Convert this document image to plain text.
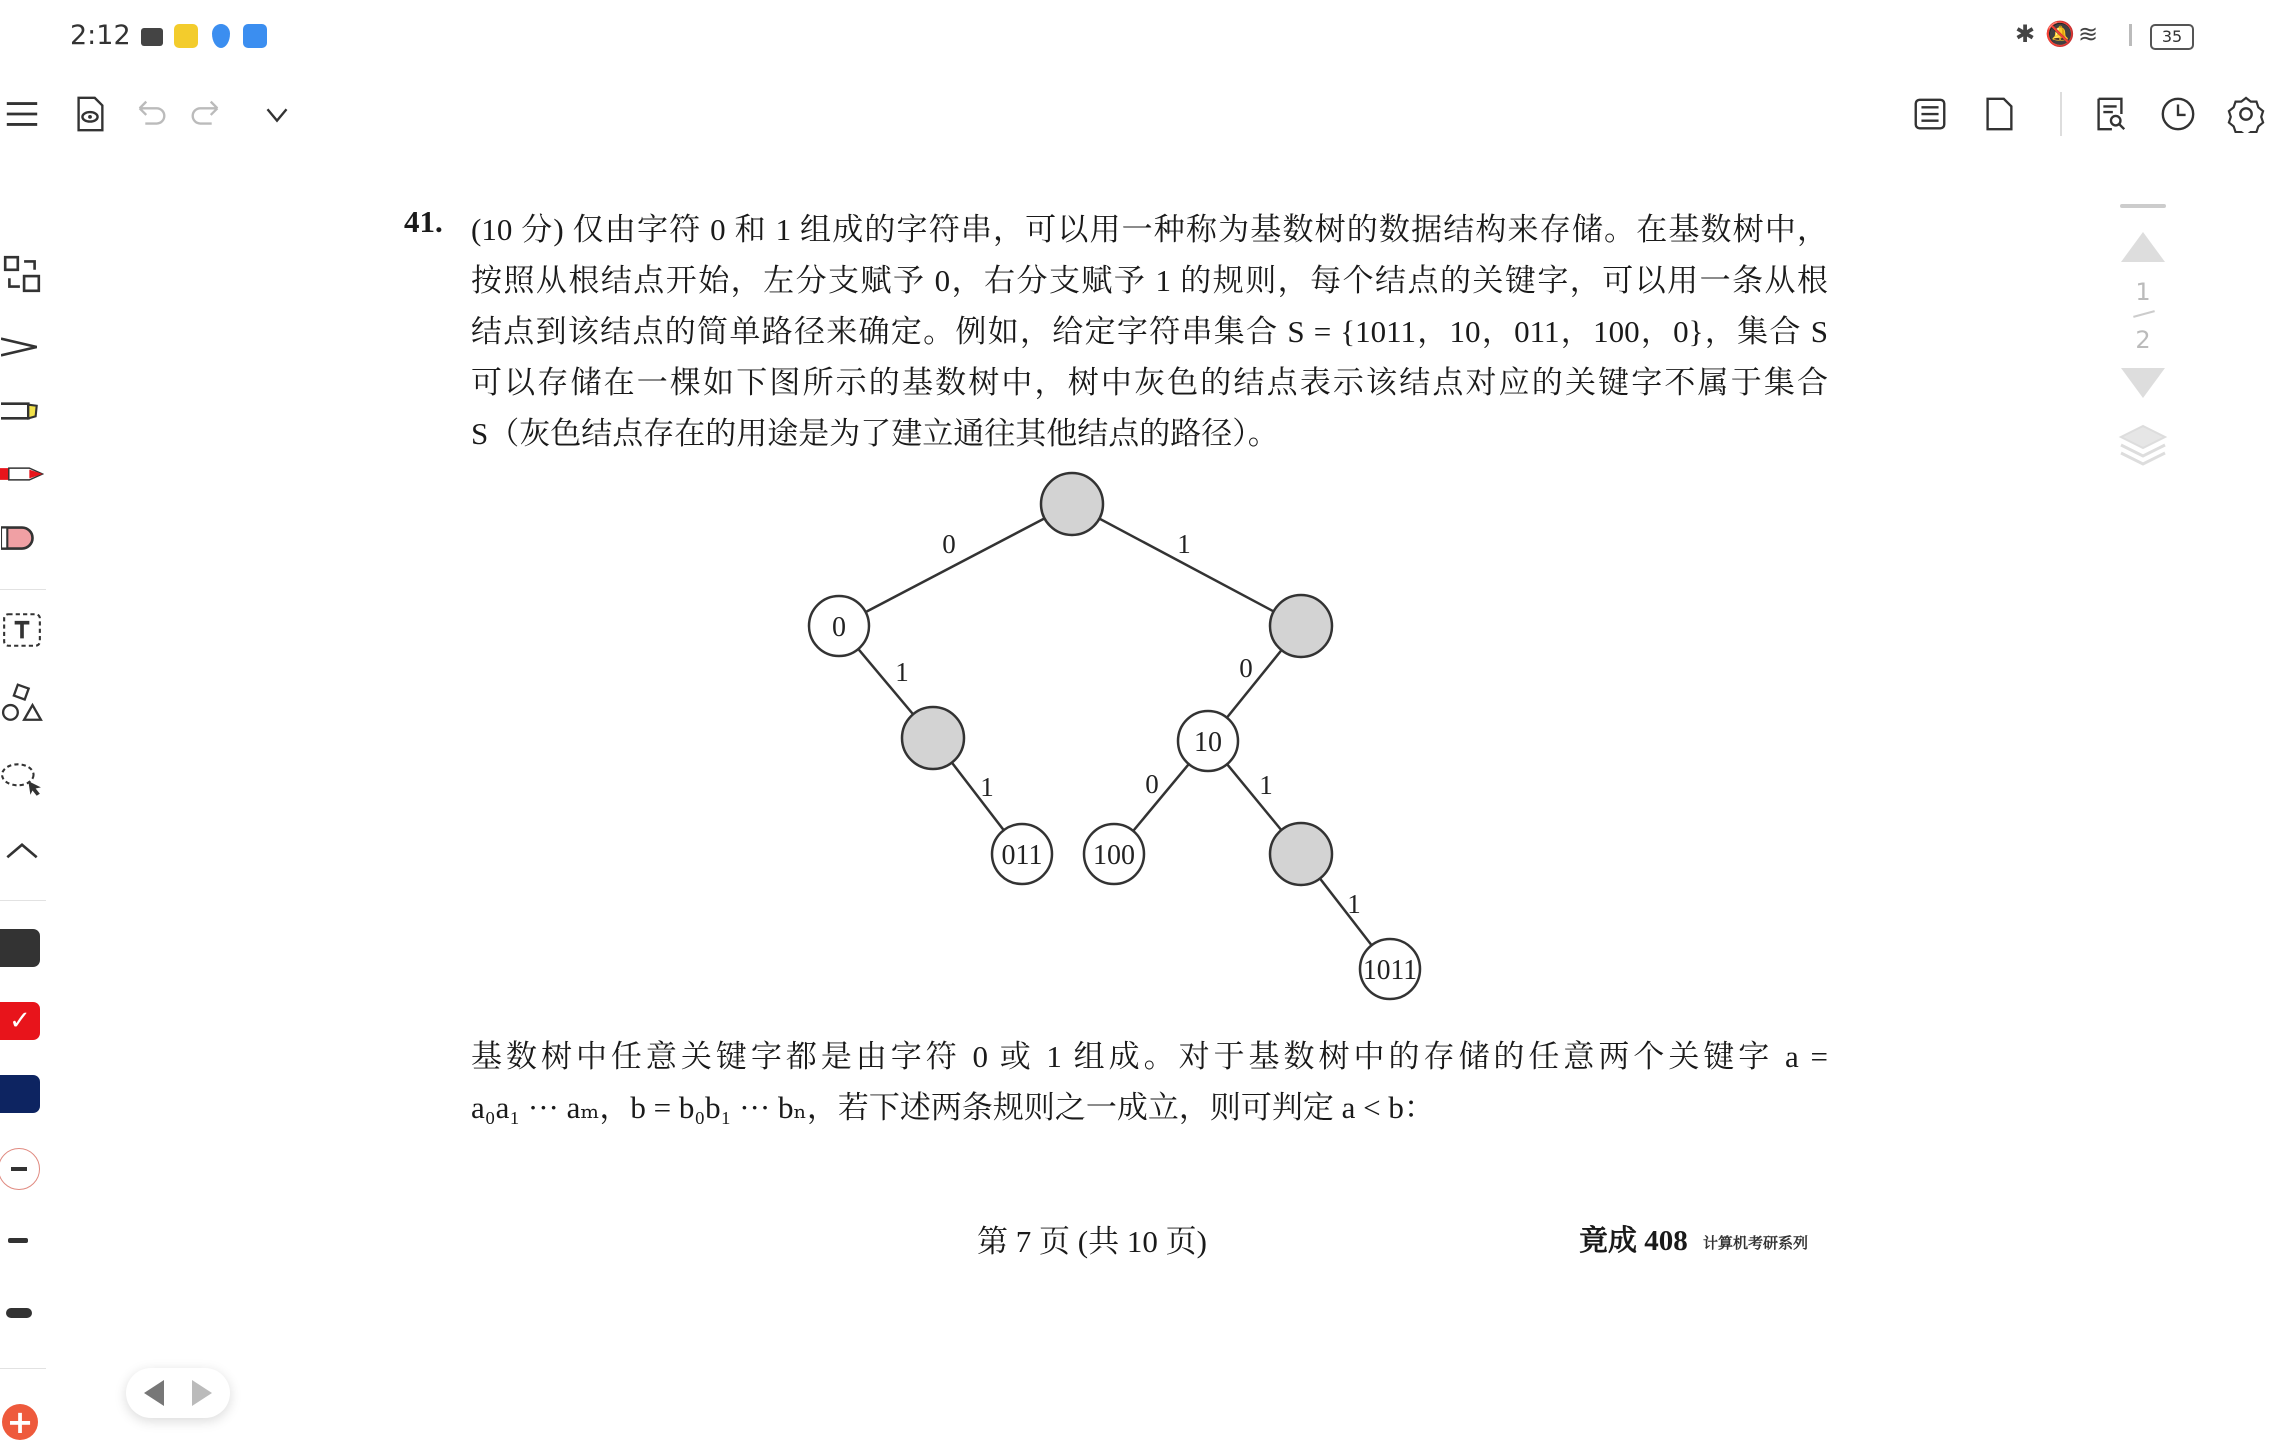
2:12	✱ 🔕 ≋	35
✓
+
1
2
41. (10 分) 仅由字符 0 和 1 组成的字符串，可以用一种称为基数树的数据结构来存储。在基数树中，
按照从根结点开始，左分支赋予 0，右分支赋予 1 的规则，每个结点的关键字，可以用一条从根
结点到该结点的简单路径来确定。例如，给定字符串集合 S = {1011，10，011，100，0}，集合 S
可以存储在一棵如下图所示的基数树中，树中灰色的结点表示该结点对应的关键字不属于集合
S（灰色结点存在的用途是为了建立通往其他结点的路径）。
0	1
1	0
1	0	1
1
0
10
011 100
1011
基数树中任意关键字都是由字符 0 或 1 组成。对于基数树中的存储的任意两个关键字 a =
a₀a₁ ··· aₘ，b = b₀b₁ ··· bₙ，若下述两条规则之一成立，则可判定 a < b：
第 7 页 (共 10 页)	竟成 408 计算机考研系列
